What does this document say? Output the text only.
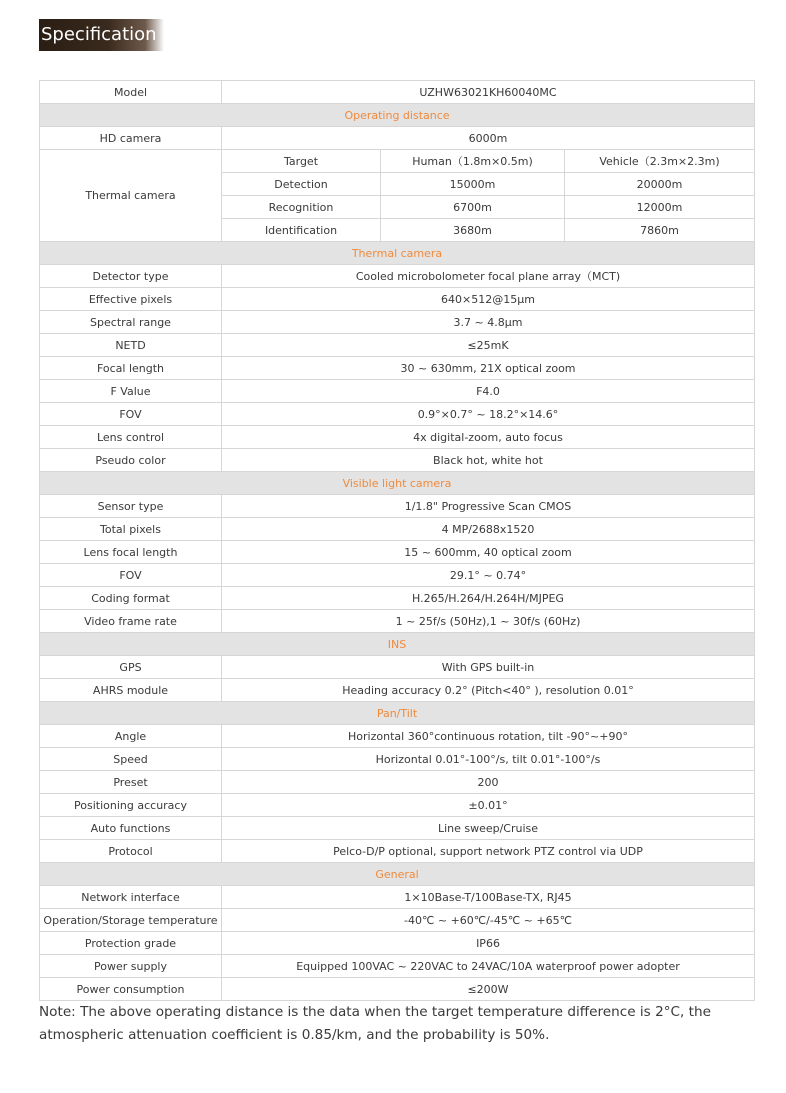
Specification
Model	UZHW63021KH60040MC		
Operating distance			
HD camera	6000m		
Thermal camera	Target	Human（1.8m×0.5m)	Vehicle（2.3m×2.3m)
	Detection	15000m	20000m
	Recognition	6700m	12000m
	Identification	3680m	7860m
Thermal camera			
Detector type	Cooled microbolometer focal plane array（MCT)		
Effective pixels	640×512@15μm		
Spectral range	3.7 ~ 4.8μm		
NETD	≤25mK		
Focal length	30 ~ 630mm, 21X optical zoom		
F Value	F4.0		
FOV	0.9°×0.7° ~ 18.2°×14.6°		
Lens control	4x digital-zoom, auto focus		
Pseudo color	Black hot, white hot		
Visible light camera			
Sensor type	1/1.8" Progressive Scan CMOS		
Total pixels	4 MP/2688x1520		
Lens focal length	15 ~ 600mm, 40 optical zoom		
FOV	29.1° ~ 0.74°		
Coding format	H.265/H.264/H.264H/MJPEG		
Video frame rate	1 ~ 25f/s (50Hz),1 ~ 30f/s (60Hz)		
INS			
GPS	With GPS built-in		
AHRS module	Heading accuracy 0.2° (Pitch<40° ), resolution 0.01°		
Pan/Tilt			
Angle	Horizontal 360°continuous rotation, tilt -90°~+90°		
Speed	Horizontal 0.01°-100°/s, tilt 0.01°-100°/s		
Preset	200		
Positioning accuracy	±0.01°		
Auto functions	Line sweep/Cruise		
Protocol	Pelco-D/P optional, support network PTZ control via UDP		
General			
Network interface	1×10Base-T/100Base-TX, RJ45		
Operation/Storage temperature	-40℃ ~ +60℃/-45℃ ~ +65℃		
Protection grade	IP66		
Power supply	Equipped 100VAC ~ 220VAC to 24VAC/10A waterproof power adopter		
Power consumption	≤200W		
Note: The above operating distance is the data when the target temperature difference is 2°C, the atmospheric attenuation coefficient is 0.85/km, and the probability is 50%.
